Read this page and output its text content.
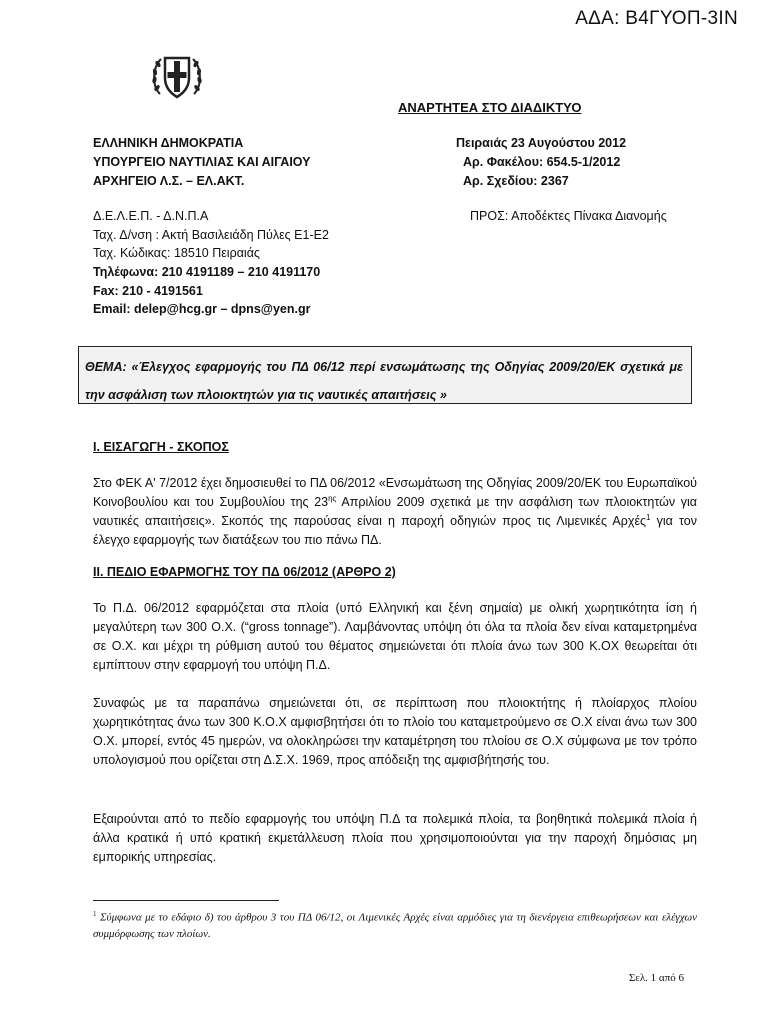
ΑΔΑ: Β4ΓΥΟΠ-3ΙΝ
ΑΝΑΡΤΗΤΕΑ ΣΤΟ ΔΙΑΔΙΚΤΥΟ
ΕΛΛΗΝΙΚΗ ΔΗΜΟΚΡΑΤΙΑ
ΥΠΟΥΡΓΕΙΟ ΝΑΥΤΙΛΙΑΣ ΚΑΙ ΑΙΓΑΙΟΥ
ΑΡΧΗΓΕΙΟ Λ.Σ. – ΕΛ.ΑΚΤ.
Πειραιάς 23 Αυγούστου 2012
Αρ. Φακέλου: 654.5-1/2012
Αρ. Σχεδίου: 2367
ΠΡΟΣ: Αποδέκτες Πίνακα Διανομής
Δ.Ε.Λ.Ε.Π. - Δ.Ν.Π.Α
Ταχ. Δ/νση : Ακτή Βασιλειάδη Πύλες Ε1-Ε2
Ταχ. Κώδικας: 18510 Πειραιάς
Τηλέφωνα: 210 4191189 – 210 4191170
Fax: 210 - 4191561
Email: delep@hcg.gr – dpns@yen.gr
ΘΕΜΑ: «Έλεγχος εφαρμογής του ΠΔ 06/12 περί ενσωμάτωσης της Οδηγίας 2009/20/ΕΚ σχετικά με την ασφάλιση των πλοιοκτητών για τις ναυτικές απαιτήσεις »
Ι. ΕΙΣΑΓΩΓΗ - ΣΚΟΠΟΣ
Στο ΦΕΚ Α' 7/2012 έχει δημοσιευθεί το ΠΔ 06/2012 «Ενσωμάτωση της Οδηγίας 2009/20/ΕΚ του Ευρωπαϊκού Κοινοβουλίου και του Συμβουλίου της $23^{\eta\varsigma}$ Απριλίου 2009 σχετικά με την ασφάλιση των πλοιοκτητών για ναυτικές απαιτήσεις». Σκοπός της παρούσας είναι η παροχή οδηγιών προς τις Λιμενικές Αρχές$^1$ για τον έλεγχο εφαρμογής των διατάξεων του πιο πάνω ΠΔ.
ΙΙ. ΠΕΔΙΟ ΕΦΑΡΜΟΓΗΣ ΤΟΥ ΠΔ 06/2012 (ΑΡΘΡΟ 2)
Το Π.Δ. 06/2012 εφαρμόζεται στα πλοία (υπό Ελληνική και ξένη σημαία) με ολική χωρητικότητα ίση ή μεγαλύτερη των 300 Ο.Χ. (“gross tonnage”). Λαμβάνοντας υπόψη ότι όλα τα πλοία δεν είναι καταμετρημένα σε Ο.Χ. και μέχρι τη ρύθμιση αυτού του θέματος σημειώνεται ότι πλοία άνω των 300 Κ.ΟΧ θεωρείται ότι εμπίπτουν στην εφαρμογή του υπόψη Π.Δ.
Συναφώς με τα παραπάνω σημειώνεται ότι, σε περίπτωση που πλοιοκτήτης ή πλοίαρχος πλοίου χωρητικότητας άνω των 300 Κ.Ο.Χ αμφισβητήσει ότι το πλοίο του καταμετρούμενο σε Ο.Χ είναι άνω των 300 Ο.Χ. μπορεί, εντός 45 ημερών, να ολοκληρώσει την καταμέτρηση του πλοίου σε Ο.Χ σύμφωνα με τον τρόπο υπολογισμού που ορίζεται στη Δ.Σ.Χ. 1969, προς απόδειξη της αμφισβήτησής του.
Εξαιρούνται από το πεδίο εφαρμογής του υπόψη Π.Δ τα πολεμικά πλοία, τα βοηθητικά πολεμικά πλοία ή άλλα κρατικά ή υπό κρατική εκμετάλλευση πλοία που χρησιμοποιούνται για την παροχή δημόσιας μη εμπορικής υπηρεσίας.
$^1$ Σύμφωνα με το εδάφιο δ) του άρθρου 3 του ΠΔ 06/12, οι Λιμενικές Αρχές είναι αρμόδιες για τη διενέργεια επιθεωρήσεων και ελέγχων συμμόρφωσης των πλοίων.
Σελ. 1 από 6
